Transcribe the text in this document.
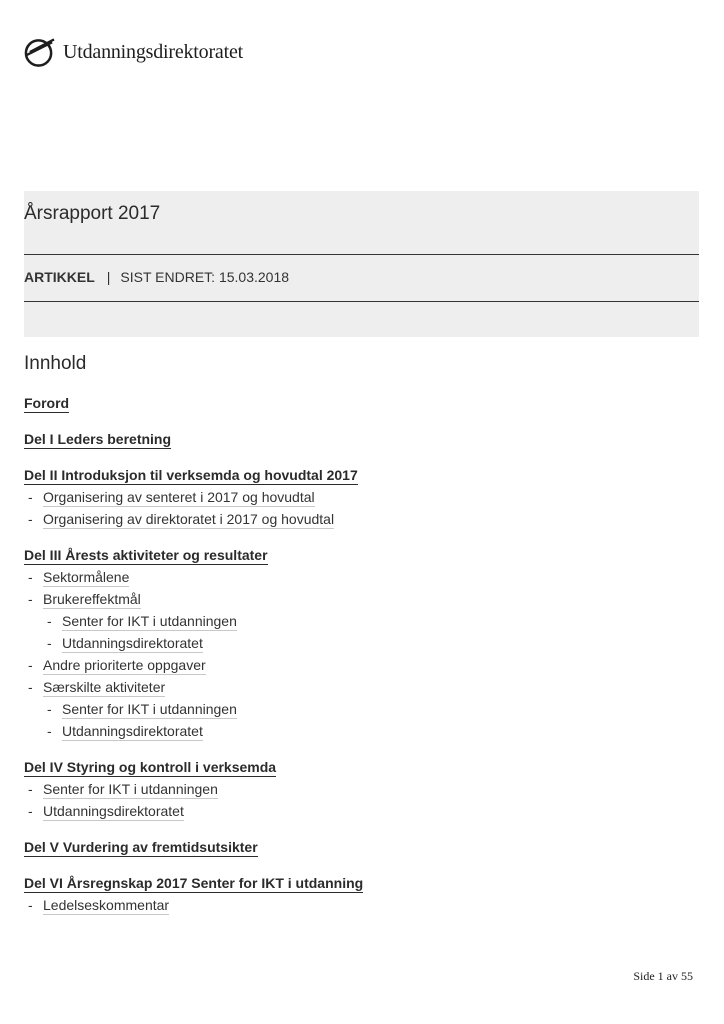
Utdanningsdirektoratet
Årsrapport 2017
ARTIKKEL | SIST ENDRET: 15.03.2018
Innhold
Forord
Del I Leders beretning
Del II Introduksjon til verksemda og hovudtal 2017
- Organisering av senteret i 2017 og hovudtal
- Organisering av direktoratet i 2017 og hovudtal
Del III Årests aktiviteter og resultater
- Sektormålene
- Brukereffektmål
- Senter for IKT i utdanningen
- Utdanningsdirektoratet
- Andre prioriterte oppgaver
- Særskilte aktiviteter
- Senter for IKT i utdanningen
- Utdanningsdirektoratet
Del IV Styring og kontroll i verksemda
- Senter for IKT i utdanningen
- Utdanningsdirektoratet
Del V Vurdering av fremtidsutsikter
Del VI Årsregnskap 2017 Senter for IKT i utdanning
- Ledelseskommentar
Side 1 av 55
